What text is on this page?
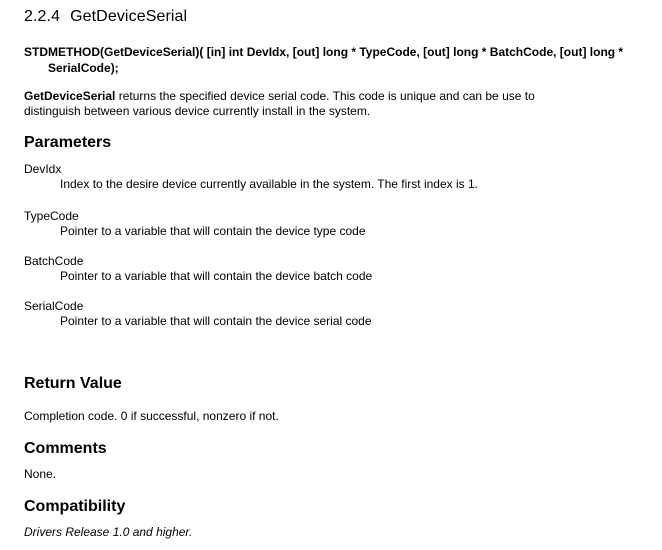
2.2.4 GetDeviceSerial
STDMETHOD(GetDeviceSerial)( [in] int DevIdx, [out] long * TypeCode, [out] long * BatchCode, [out] long *
SerialCode);
GetDeviceSerial returns the specified device serial code. This code is unique and can be use to
distinguish between various device currently install in the system.
Parameters
DevIdx
Index to the desire device currently available in the system. The first index is 1.
TypeCode
Pointer to a variable that will contain the device type code
BatchCode
Pointer to a variable that will contain the device batch code
SerialCode
Pointer to a variable that will contain the device serial code
Return Value
Completion code. 0 if successful, nonzero if not.
Comments
None.
Compatibility
Drivers Release 1.0 and higher.
